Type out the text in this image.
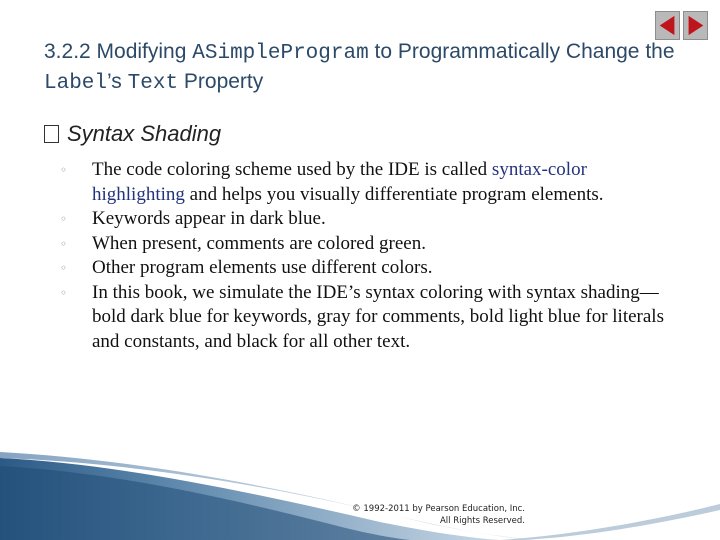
3.2.2 Modifying ASimpleProgram to Programmatically Change the Label’s Text Property
Syntax Shading
◦	The code coloring scheme used by the IDE is called syntax-color highlighting and helps you visually differentiate program elements.
◦	Keywords appear in dark blue.
◦	When present, comments are colored green.
◦	Other program elements use different colors.
◦	In this book, we simulate the IDE’s syntax coloring with syntax shading—bold dark blue for keywords, gray for comments, bold light blue for literals and constants, and black for all other text.
© 1992-2011 by Pearson Education, Inc.
All Rights Reserved.
